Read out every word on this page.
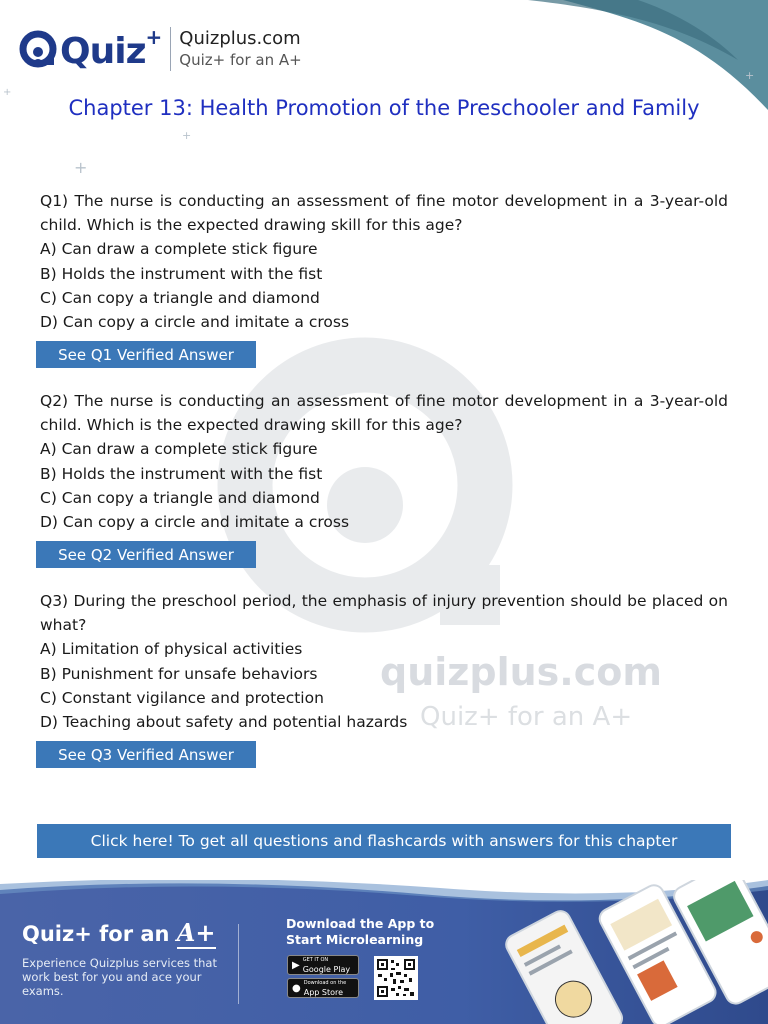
+
+
+
+
Quiz + Quizplus.com
Quiz+ for an A+
Chapter 13: Health Promotion of the Preschooler and Family
quizplus.com
Quiz+ for an A+
Q1) The nurse is conducting an assessment of fine motor development in a 3-year-old child. Which is the expected drawing skill for this age?
A) Can draw a complete stick figure
B) Holds the instrument with the fist
C) Can copy a triangle and diamond
D) Can copy a circle and imitate a cross
See Q1 Verified Answer
Q2) The nurse is conducting an assessment of fine motor development in a 3-year-old child. Which is the expected drawing skill for this age?
A) Can draw a complete stick figure
B) Holds the instrument with the fist
C) Can copy a triangle and diamond
D) Can copy a circle and imitate a cross
See Q2 Verified Answer
Q3) During the preschool period, the emphasis of injury prevention should be placed on what?
A) Limitation of physical activities
B) Punishment for unsafe behaviors
C) Constant vigilance and protection
D) Teaching about safety and potential hazards
See Q3 Verified Answer
Click here! To get all questions and flashcards with answers for this chapter
Quiz+ for an A+
Experience Quizplus services that work best for you and ace your exams.
Download the App to Start Microlearning
▶ GET IT ON
Google Play
● Download on the
App Store
